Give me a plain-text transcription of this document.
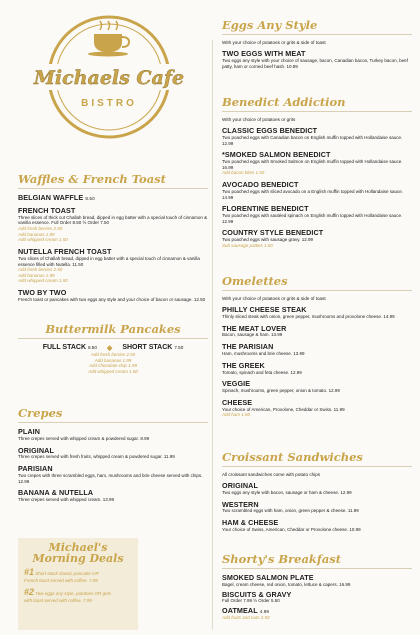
Michaels Cafe
BISTRO
Waffles & French Toast
BELGIAN WAFFLE 8.50
FRENCH TOAST
Three slices of thick cut Challah bread, dipped in egg batter with a special touch of cinnamon & vanilla essence. Full Order 8.50 ½ Order 7.50
Add fresh berries 2.50
Add bananas 1.99
Add whipped cream 1.50
NUTELLA FRENCH TOAST
Two slices of Challah bread, dipped in egg batter with a special touch of cinnamon & vanilla essence filled with Nutella. 11.50
Add fresh berries 2.50
Add bananas 1.99
Add whipped cream 1.50
TWO BY TWO
French toast or pancakes with two eggs any style and your choice of bacon or sausage. 12.50
Buttermilk Pancakes
FULL STACK 8.50 ◆ SHORT STACK 7.50
Add fresh berries 2.50
Add bananas 1.99
Add chocolate chip 1.99
Add whipped cream 1.50
Crepes
PLAIN
Three crepes served with whipped cream & powdered sugar. 8.99
ORIGINAL
Three crepes served with fresh fruits, whipped cream & powdered sugar. 11.99
PARISIAN
Two crepes with three scrambled eggs, ham, mushrooms and brie cheese served with chips. 12.99
BANANA & NUTELLA
Three crepes served with whipped cream. 13.99
Michael's
Morning Deals
#1 Short stack classic pancake OR
French toast served with coffee. 7.99
#2 Two eggs any style, potatoes OR grits
with toast served with coffee. 7.99
Eggs Any Style
With your choice of potatoes or grits & side of toast
TWO EGGS WITH MEAT
Two eggs any style with your choice of sausage, bacon, Canadian bacon, Turkey bacon, beef patty, ham or corned beef hash. 10.99
Benedict Addiction
With your choice of potatoes or grits
CLASSIC EGGS BENEDICT
Two poached eggs with Canadian bacon on English muffin topped with Hollandaise sauce. 12.99
*SMOKED SALMON BENEDICT
Two poached eggs with Smoked Salmon on English muffin topped with Hollandaise sauce. 16.99
Add bacon bites 1.50
AVOCADO BENEDICT
Two poached eggs with sliced avocado on a English muffin topped with Hollandaise sauce. 14.99
FLORENTINE BENEDICT
Two poached eggs with sautéed spinach on English muffin topped with Hollandaise sauce. 12.99
COUNTRY STYLE BENEDICT
Two poached eggs with sausage gravy. 12.99
Sub sausage patties 1.50
Omelettes
With your choice of potatoes or grits & side of toast
PHILLY CHEESE STEAK
Thinly sliced steak with onion, green pepper, mushrooms and provolone cheese. 14.99
THE MEAT LOVER
Bacon, sausage & ham. 13.99
THE PARISIAN
Ham, mushrooms and brie cheese. 13.99
THE GREEK
Tomato, spinach and feta cheese. 12.99
VEGGIE
Spinach, mushrooms, green pepper, onion & tomato. 12.99
CHEESE
Your choice of American, Provolone, Cheddar or Swiss. 11.99
Add ham 1.50
Croissant Sandwiches
All croissant sandwiches come with potato chips
ORIGINAL
Two eggs any style with bacon, sausage or ham & cheese. 12.99
WESTERN
Two scrambled eggs with ham, onion, green pepper & cheese. 11.99
HAM & CHEESE
Your choice of Swiss, American, Cheddar or Provolone cheese. 10.99
Shorty's Breakfast
SMOKED SALMON PLATE
Bagel, cream cheese, red onion, tomato, lettuce & capers. 16.99
BISCUITS & GRAVY
Full Order 7.99 ½ Order 5.50
OATMEAL 4.99
Add fruits and nuts 2.50
